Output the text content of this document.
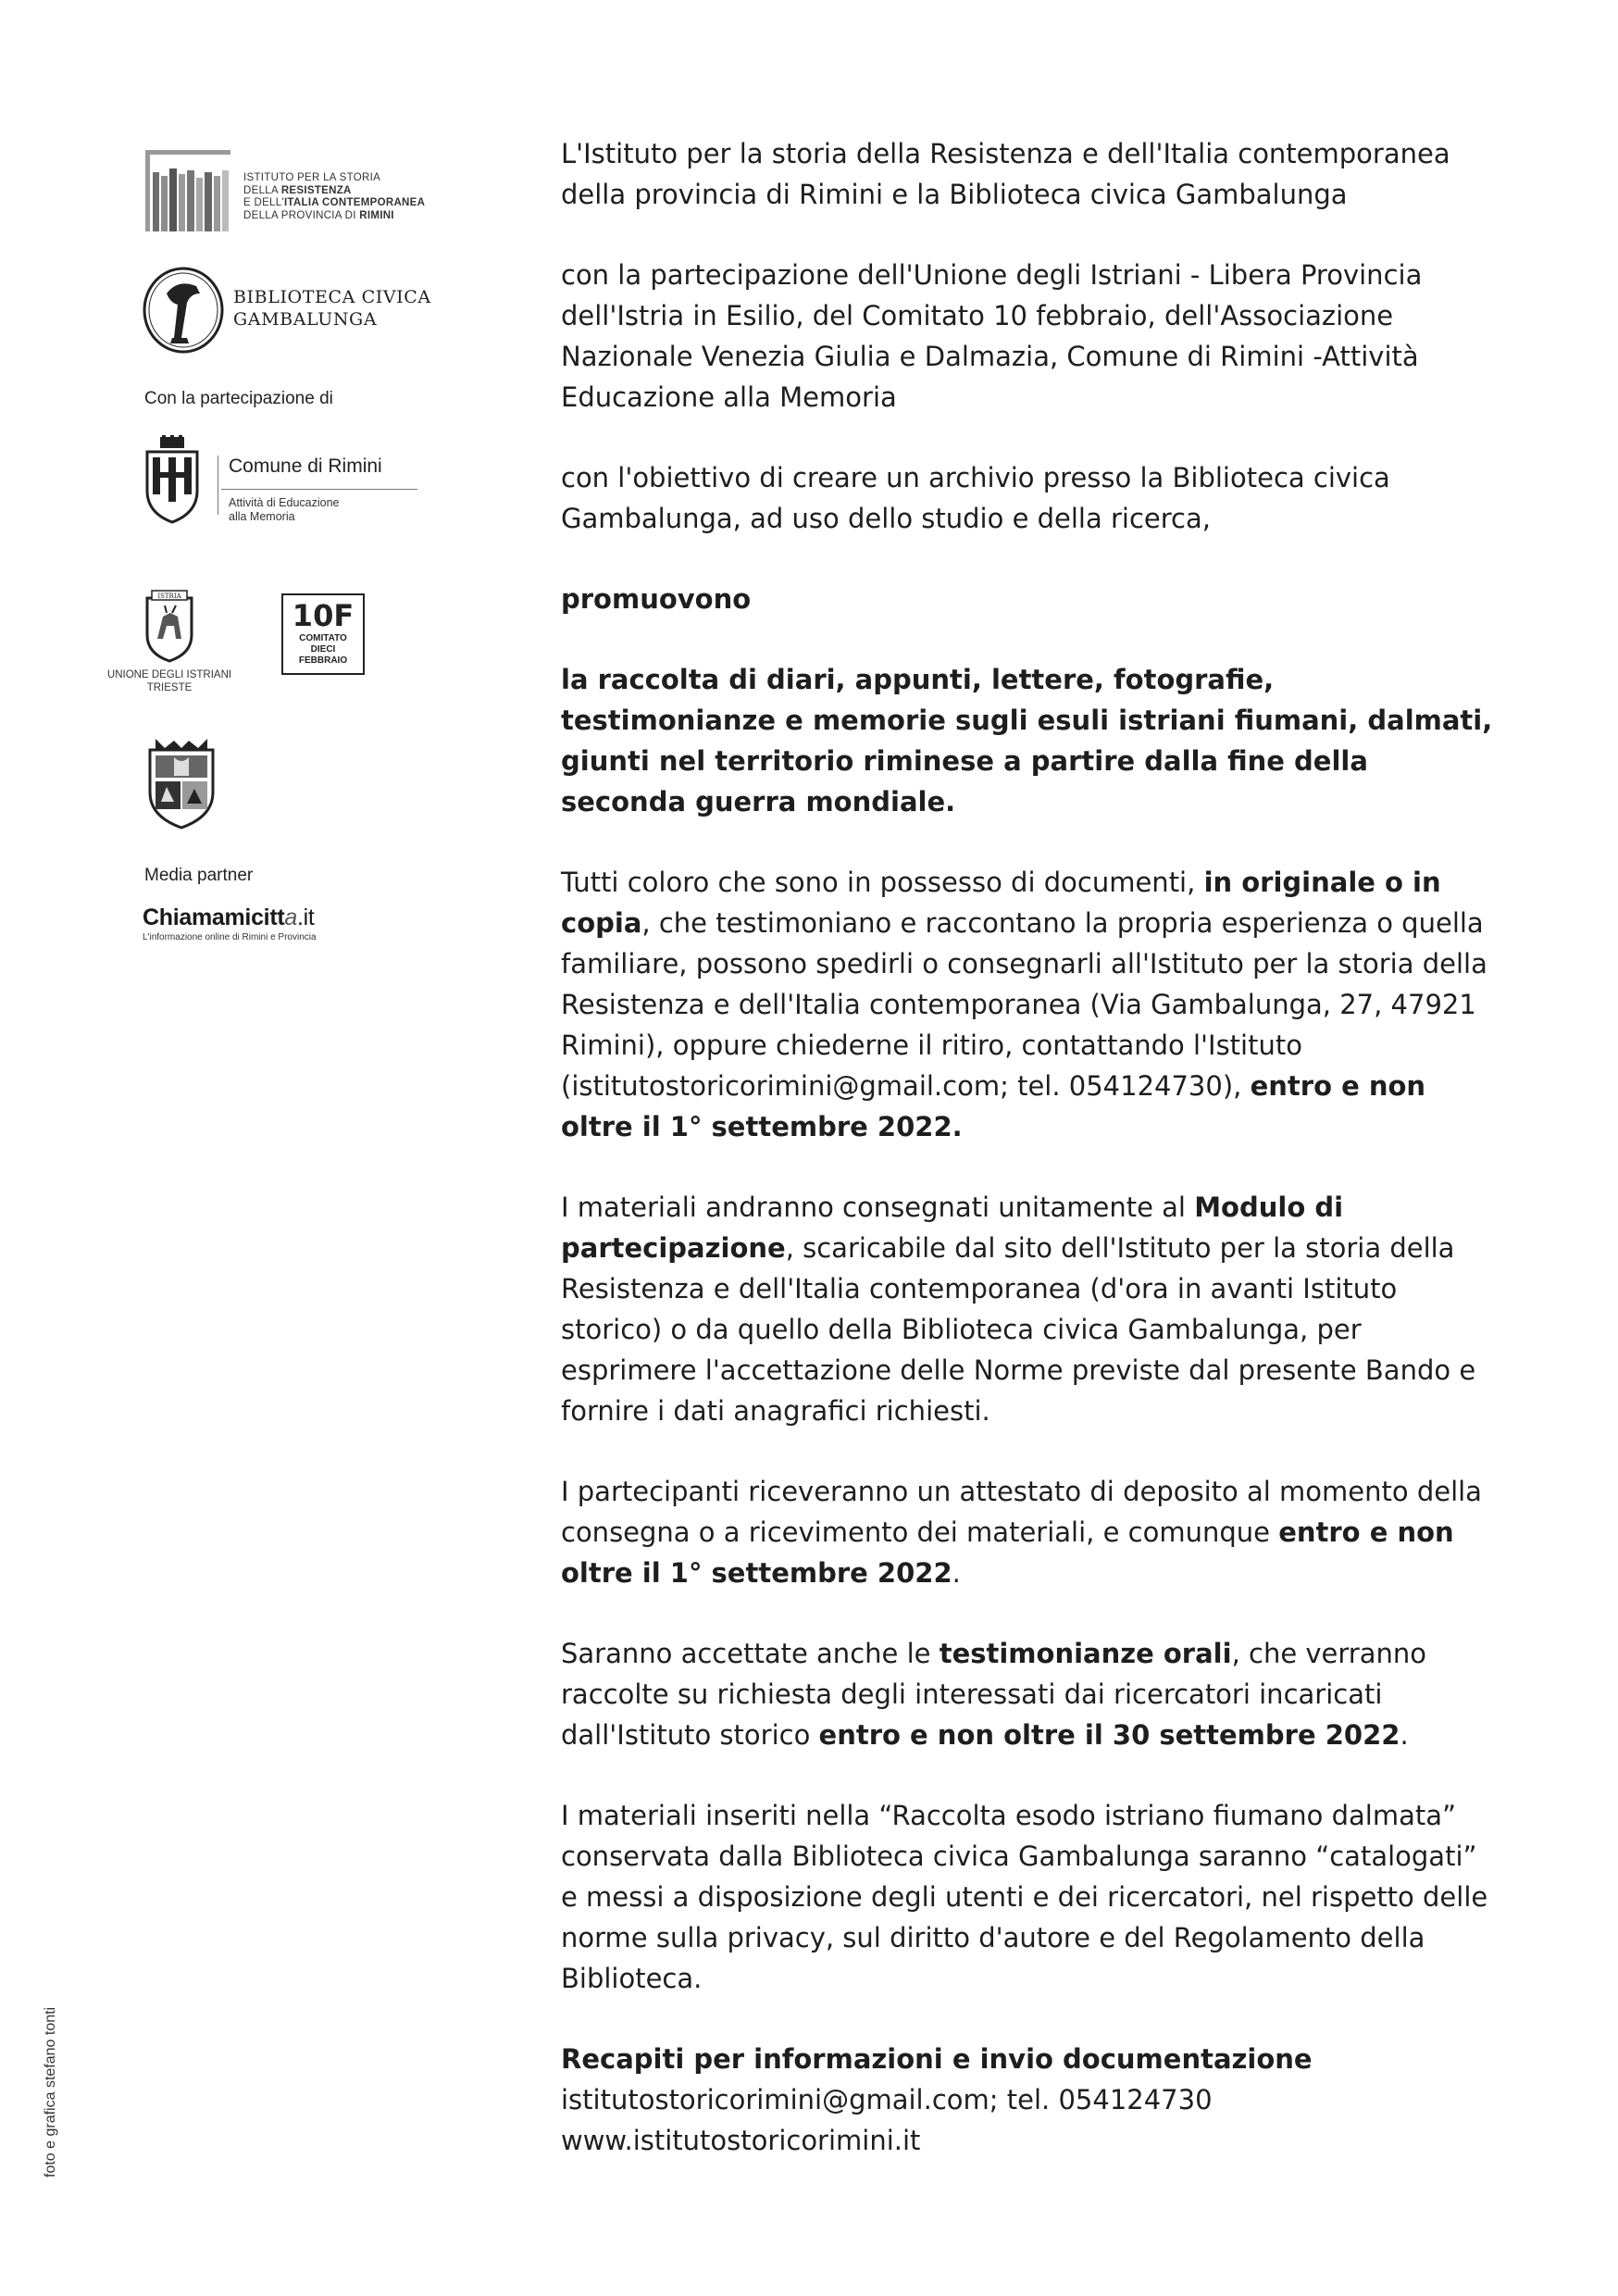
ISTITUTO PER LA STORIA
DELLA RESISTENZA
E DELL'ITALIA CONTEMPORANEA
DELLA PROVINCIA DI RIMINI
BIBLIOTECA CIVICA
GAMBALUNGA
Con la partecipazione di
Comune di Rimini
Attività di Educazione
alla Memoria
ISTRIA
UNIONE DEGLI ISTRIANI
TRIESTE
10F
COMITATO
DIECI
FEBBRAIO
Media partner
Chiamamicitta.it
L'informazione online di Rimini e Provincia
foto e grafica stefano tonti

L'Istituto per la storia della Resistenza e dell'Italia contemporanea della provincia di Rimini e la Biblioteca civica Gambalunga

con la partecipazione dell'Unione degli Istriani - Libera Provincia dell'Istria in Esilio, del Comitato 10 febbraio, dell'Associazione Nazionale Venezia Giulia e Dalmazia, Comune di Rimini -Attività Educazione alla Memoria

con l'obiettivo di creare un archivio presso la Biblioteca civica Gambalunga, ad uso dello studio e della ricerca,

promuovono

la raccolta di diari, appunti, lettere, fotografie, testimonianze e memorie sugli esuli istriani fiumani, dalmati, giunti nel territorio riminese a partire dalla fine della seconda guerra mondiale.

Tutti coloro che sono in possesso di documenti, in originale o in copia, che testimoniano e raccontano la propria esperienza o quella familiare, possono spedirli o consegnarli all'Istituto per la storia della Resistenza e dell'Italia contemporanea (Via Gambalunga, 27, 47921 Rimini), oppure chiederne il ritiro, contattando l'Istituto (istitutostoricorimini@gmail.com; tel. 054124730), entro e non oltre il 1° settembre 2022.

I materiali andranno consegnati unitamente al Modulo di partecipazione, scaricabile dal sito dell'Istituto per la storia della Resistenza e dell'Italia contemporanea (d'ora in avanti Istituto storico) o da quello della Biblioteca civica Gambalunga, per esprimere l'accettazione delle Norme previste dal presente Bando e fornire i dati anagrafici richiesti.

I partecipanti riceveranno un attestato di deposito al momento della consegna o a ricevimento dei materiali, e comunque entro e non oltre il 1° settembre 2022.

Saranno accettate anche le testimonianze orali, che verranno raccolte su richiesta degli interessati dai ricercatori incaricati dall'Istituto storico entro e non oltre il 30 settembre 2022.

I materiali inseriti nella “Raccolta esodo istriano fiumano dalmata” conservata dalla Biblioteca civica Gambalunga saranno “catalogati” e messi a disposizione degli utenti e dei ricercatori, nel rispetto delle norme sulla privacy, sul diritto d'autore e del Regolamento della Biblioteca.

Recapiti per informazioni e invio documentazione
istitutostoricorimini@gmail.com; tel. 054124730
www.istitutostoricorimini.it
